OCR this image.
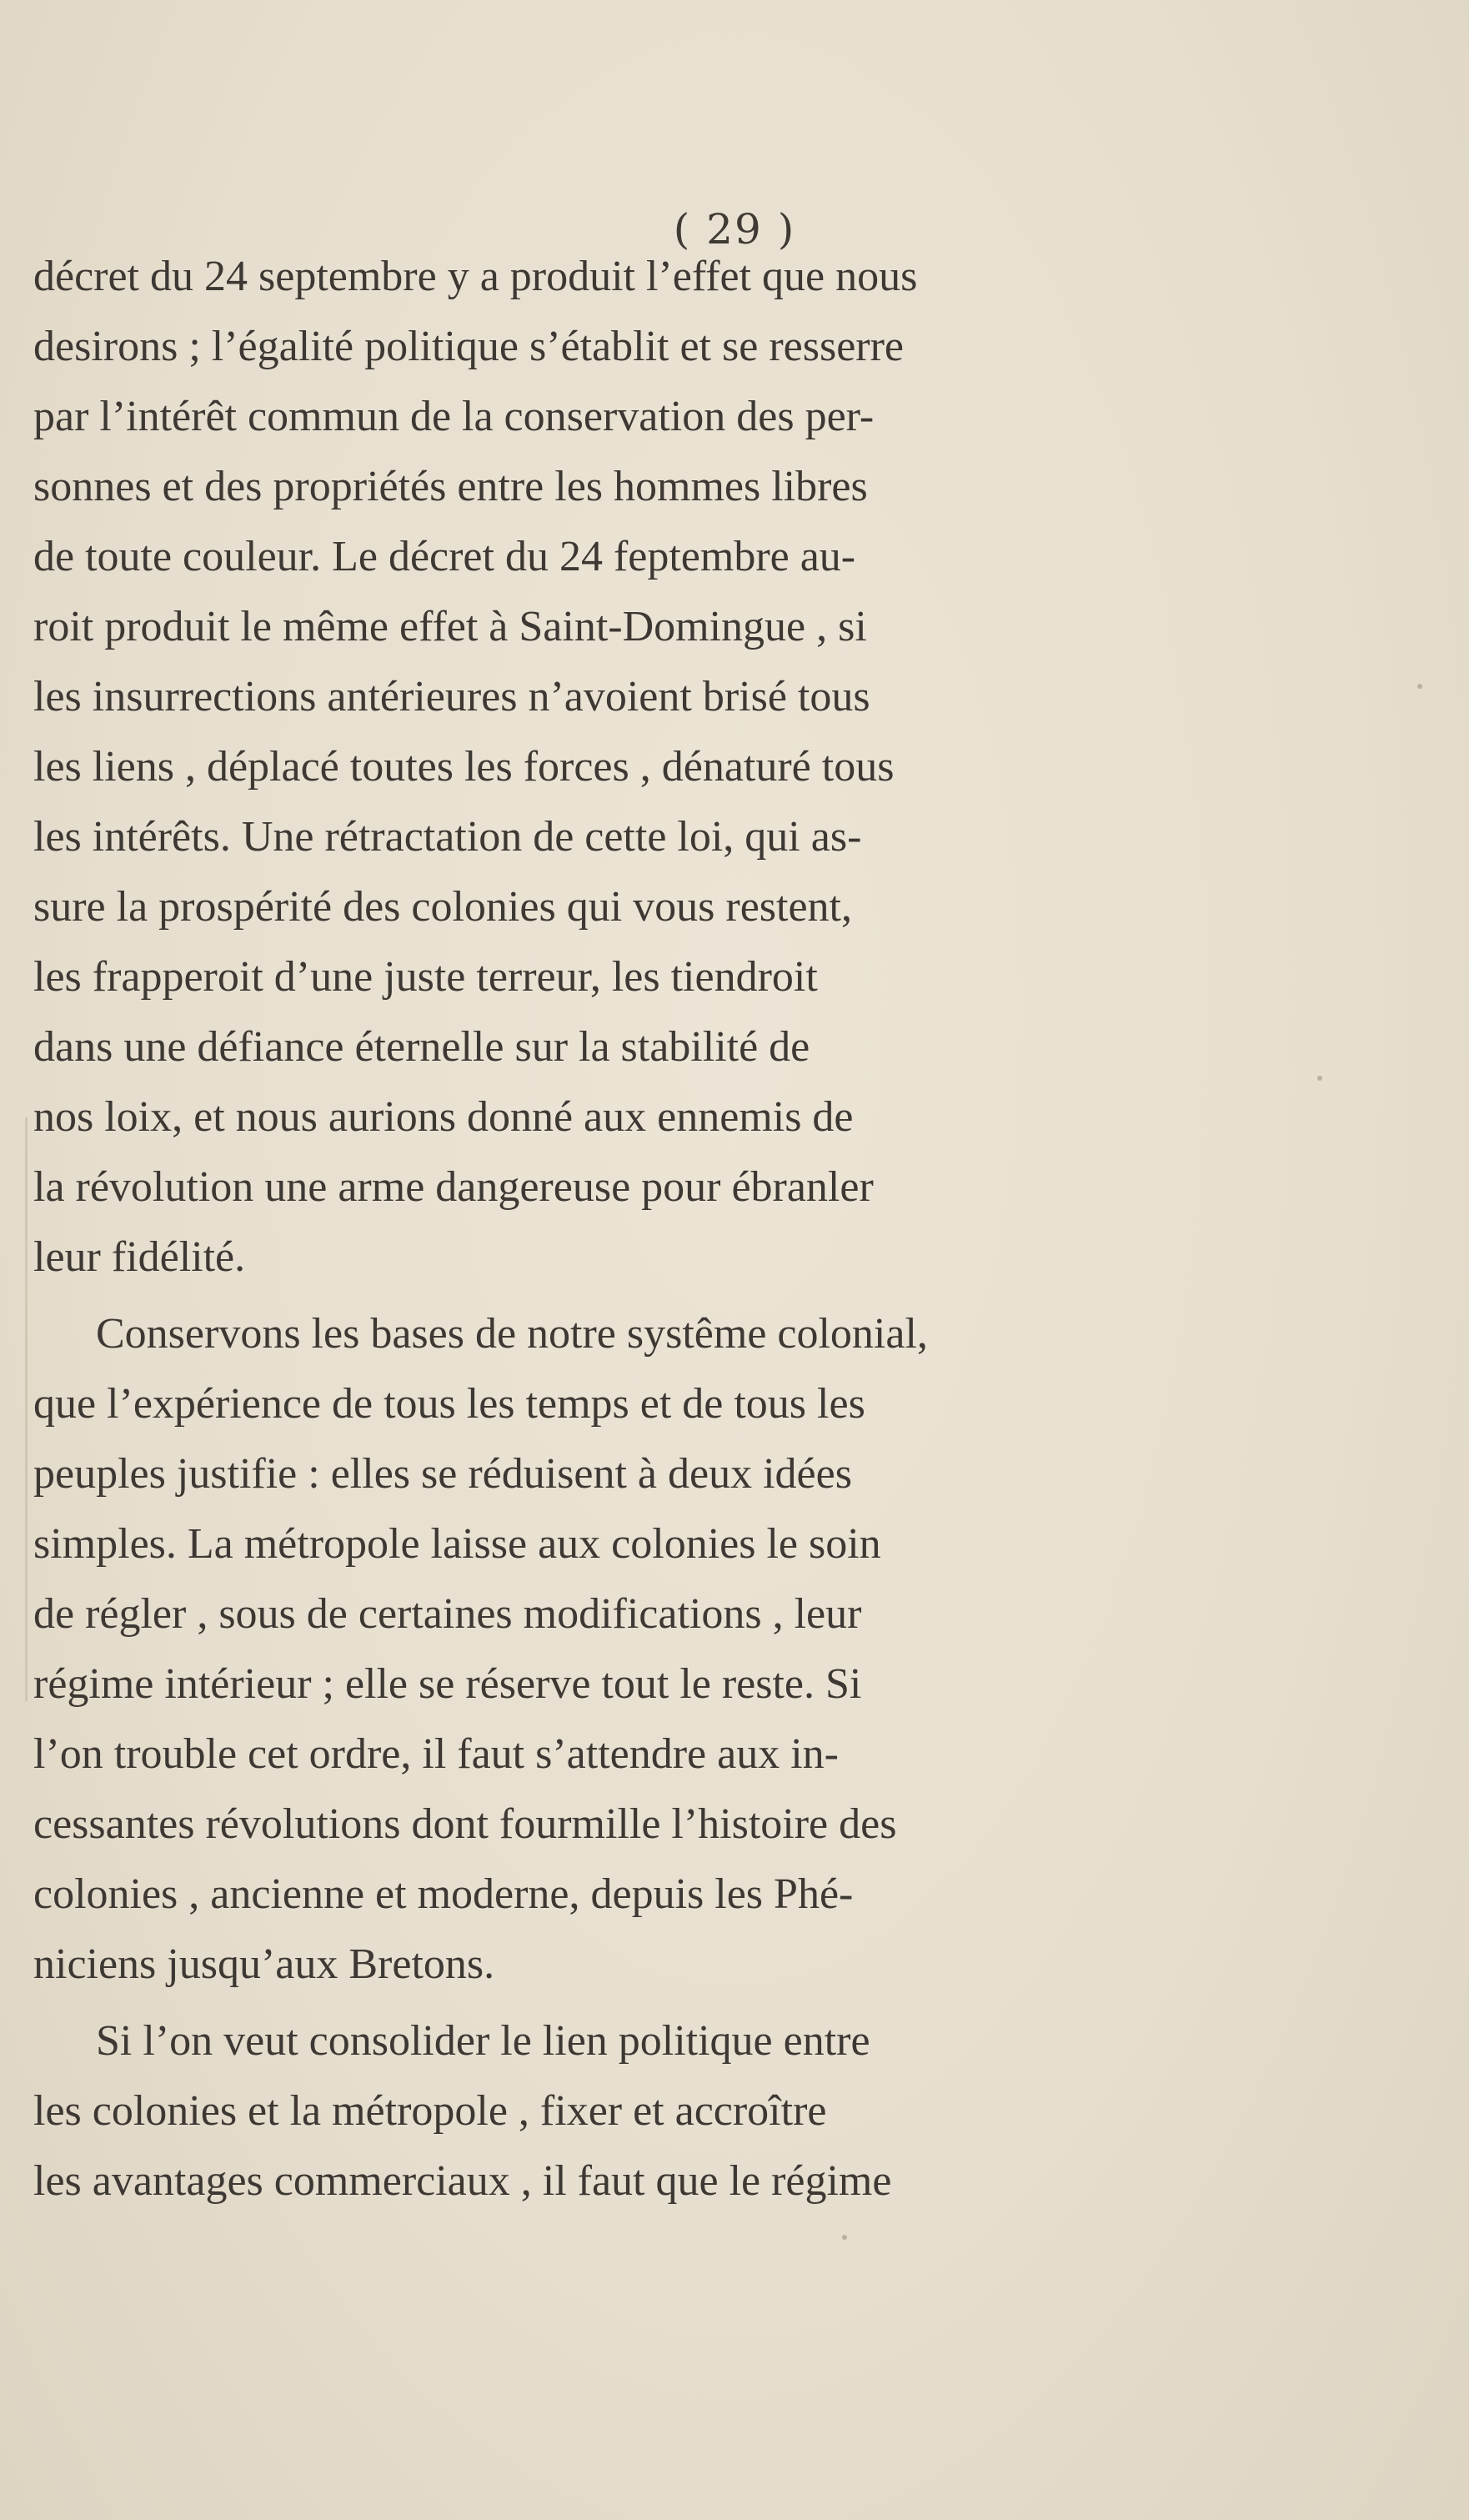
( 29 )
décret du 24 septembre y a produit l’effet que nous
desirons ; l’égalité politique s’établit et se resserre
par l’intérêt commun de la conservation des per-
sonnes et des propriétés entre les hommes libres
de toute couleur. Le décret du 24 feptembre au-
roit produit le même effet à Saint-Domingue , si
les insurrections antérieures n’avoient brisé tous
les liens , déplacé toutes les forces , dénaturé tous
les intérêts. Une rétractation de cette loi, qui as-
sure la prospérité des colonies qui vous restent,
les frapperoit d’une juste terreur, les tiendroit
dans une défiance éternelle sur la stabilité de
nos loix, et nous aurions donné aux ennemis de
la révolution une arme dangereuse pour ébranler
leur fidélité.
Conservons les bases de notre systême colonial,
que l’expérience de tous les temps et de tous les
peuples justifie : elles se réduisent à deux idées
simples. La métropole laisse aux colonies le soin
de régler , sous de certaines modifications , leur
régime intérieur ; elle se réserve tout le reste. Si
l’on trouble cet ordre, il faut s’attendre aux in-
cessantes révolutions dont fourmille l’histoire des
colonies , ancienne et moderne, depuis les Phé-
niciens jusqu’aux Bretons.
Si l’on veut consolider le lien politique entre
les colonies et la métropole , fixer et accroître
les avantages commerciaux , il faut que le régime
